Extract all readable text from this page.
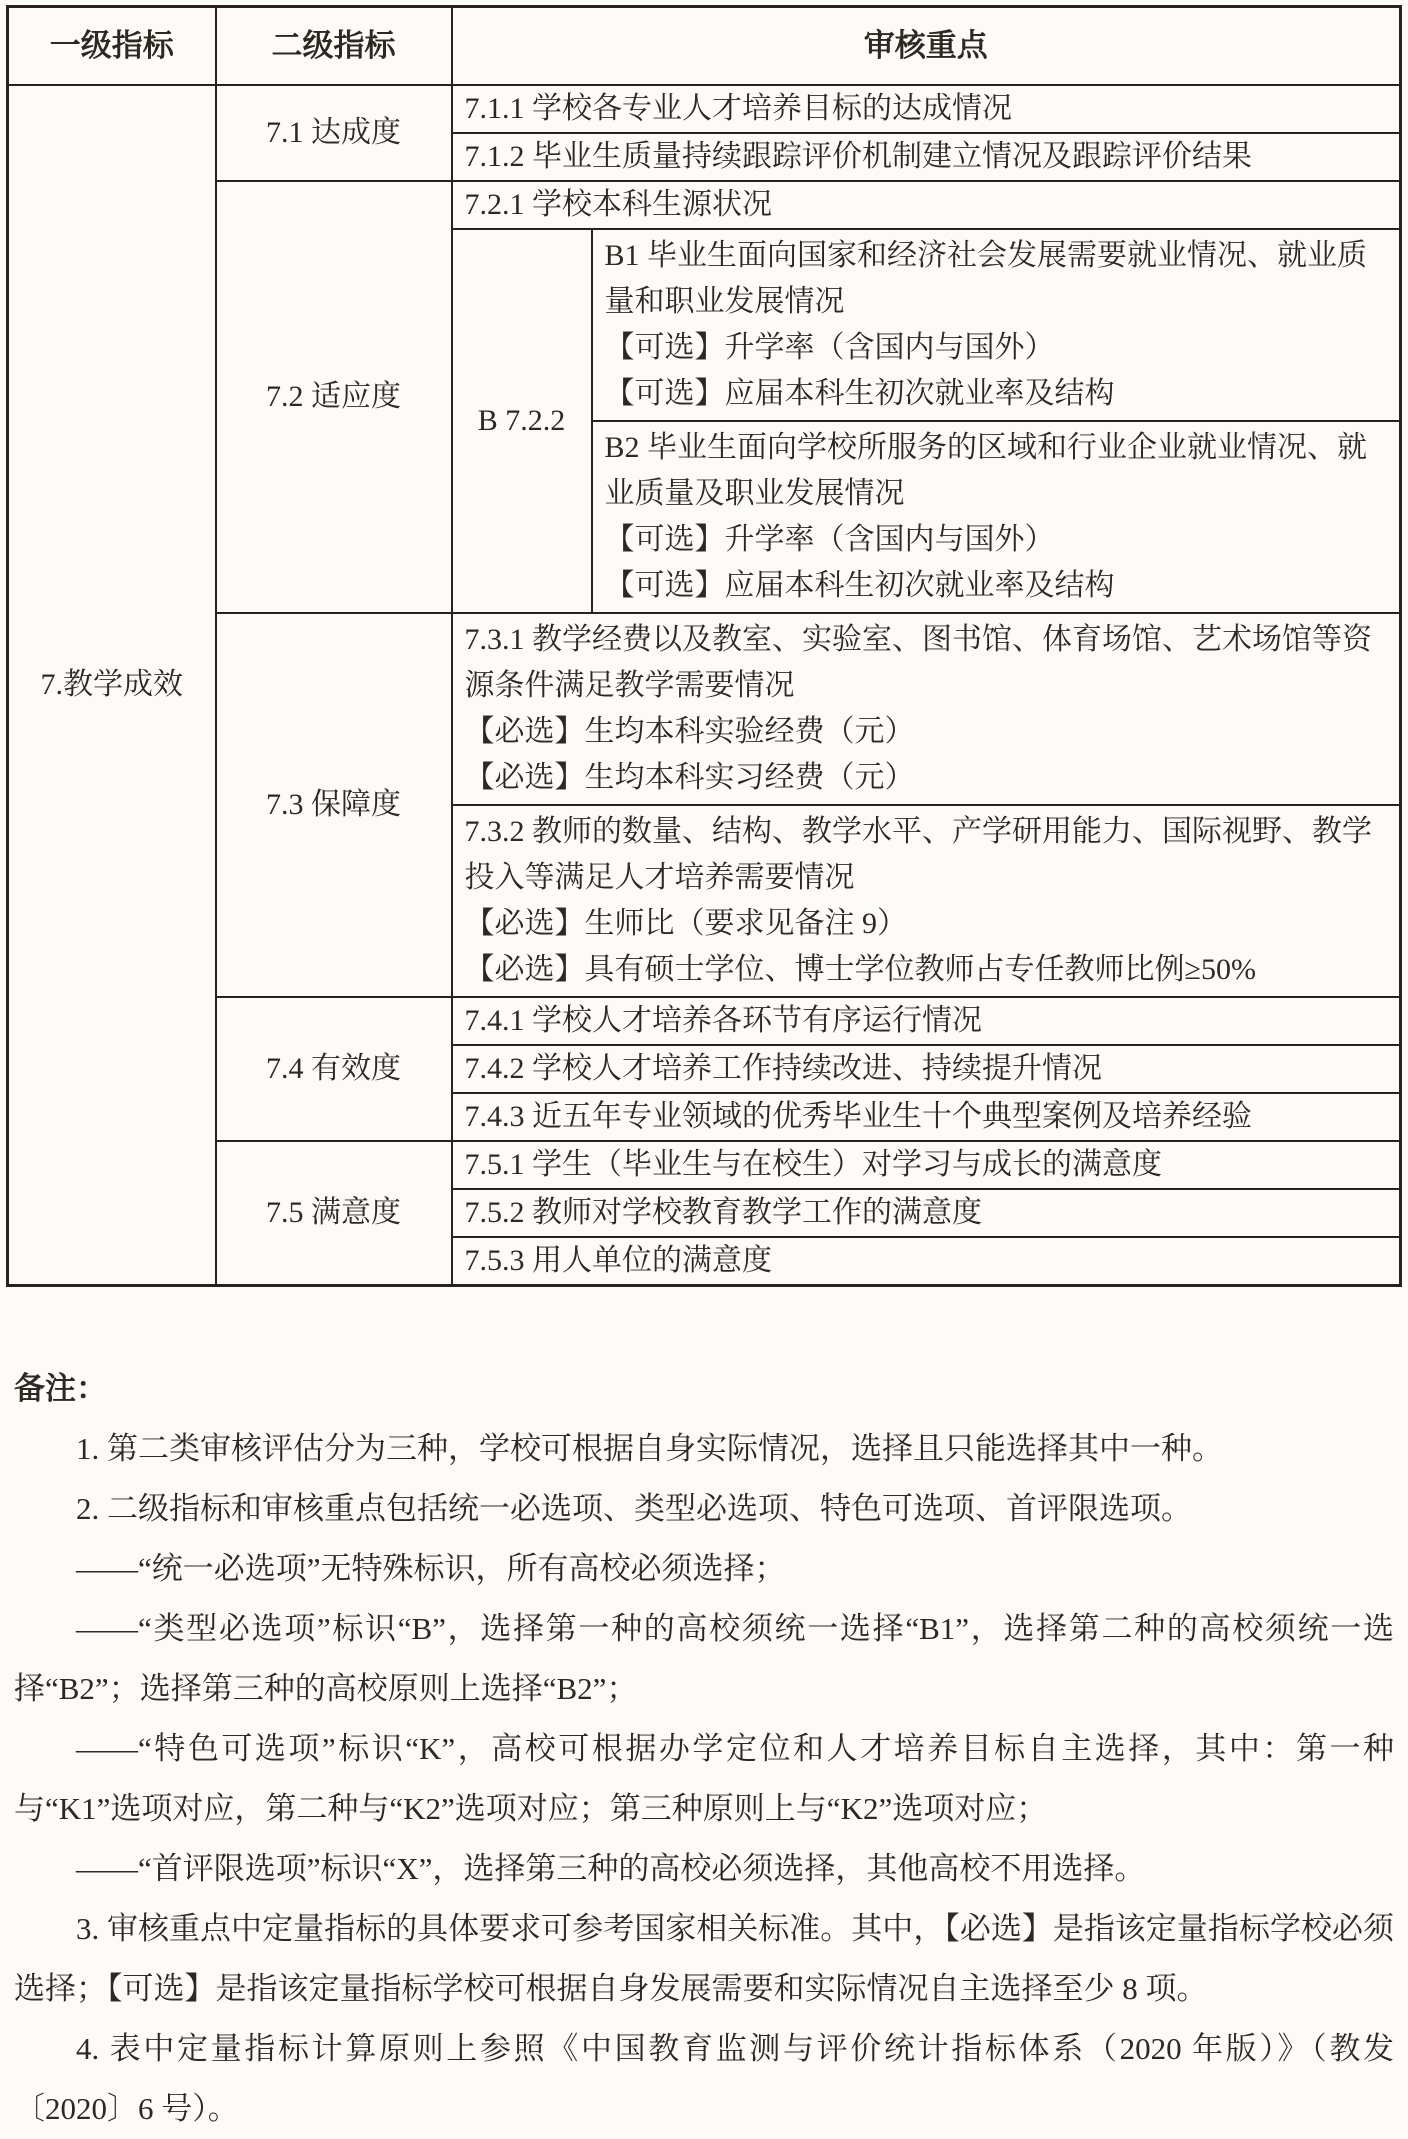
一级指标	二级指标	审核重点	
7.教学成效	7.1 达成度	7.1.1 学校各专业人才培养目标的达成情况	
		7.1.2 毕业生质量持续跟踪评价机制建立情况及跟踪评价结果	
	7.2 适应度	7.2.1 学校本科生源状况	
		B 7.2.2	B1 毕业生面向国家和经济社会发展需要就业情况、就业质量和职业发展情况
【可选】升学率（含国内与国外）
【可选】应届本科生初次就业率及结构

			B2 毕业生面向学校所服务的区域和行业企业就业情况、就业质量及职业发展情况
【可选】升学率（含国内与国外）
【可选】应届本科生初次就业率及结构

	7.3 保障度	7.3.1 教学经费以及教室、实验室、图书馆、体育场馆、艺术场馆等资源条件满足教学需要情况
【必选】生均本科实验经费（元）
【必选】生均本科实习经费（元）	

		7.3.2 教师的数量、结构、教学水平、产学研用能力、国际视野、教学投入等满足人才培养需要情况
【必选】生师比（要求见备注 9）
【必选】具有硕士学位、博士学位教师占专任教师比例≥50%	

	7.4 有效度	7.4.1 学校人才培养各环节有序运行情况	
		7.4.2 学校人才培养工作持续改进、持续提升情况	
		7.4.3 近五年专业领域的优秀毕业生十个典型案例及培养经验	
	7.5 满意度	7.5.1 学生（毕业生与在校生）对学习与成长的满意度	
		7.5.2 教师对学校教育教学工作的满意度	
		7.5.3 用人单位的满意度	
备注：

1. 第二类审核评估分为三种，学校可根据自身实际情况，选择且只能选择其中一种。

2. 二级指标和审核重点包括统一必选项、类型必选项、特色可选项、首评限选项。

——“统一必选项”无特殊标识，所有高校必须选择；

——“类型必选项”标识“B”，选择第一种的高校须统一选择“B1”，选择第二种的高校须统一选择“B2”；选择第三种的高校原则上选择“B2”；

——“特色可选项”标识“K”，高校可根据办学定位和人才培养目标自主选择，其中：第一种与“K1”选项对应，第二种与“K2”选项对应；第三种原则上与“K2”选项对应；

——“首评限选项”标识“X”，选择第三种的高校必须选择，其他高校不用选择。

3. 审核重点中定量指标的具体要求可参考国家相关标准。其中，【必选】是指该定量指标学校必须选择；【可选】是指该定量指标学校可根据自身发展需要和实际情况自主选择至少 8 项。

4. 表中定量指标计算原则上参照《中国教育监测与评价统计指标体系（2020 年版）》（教发〔2020〕6 号）。
